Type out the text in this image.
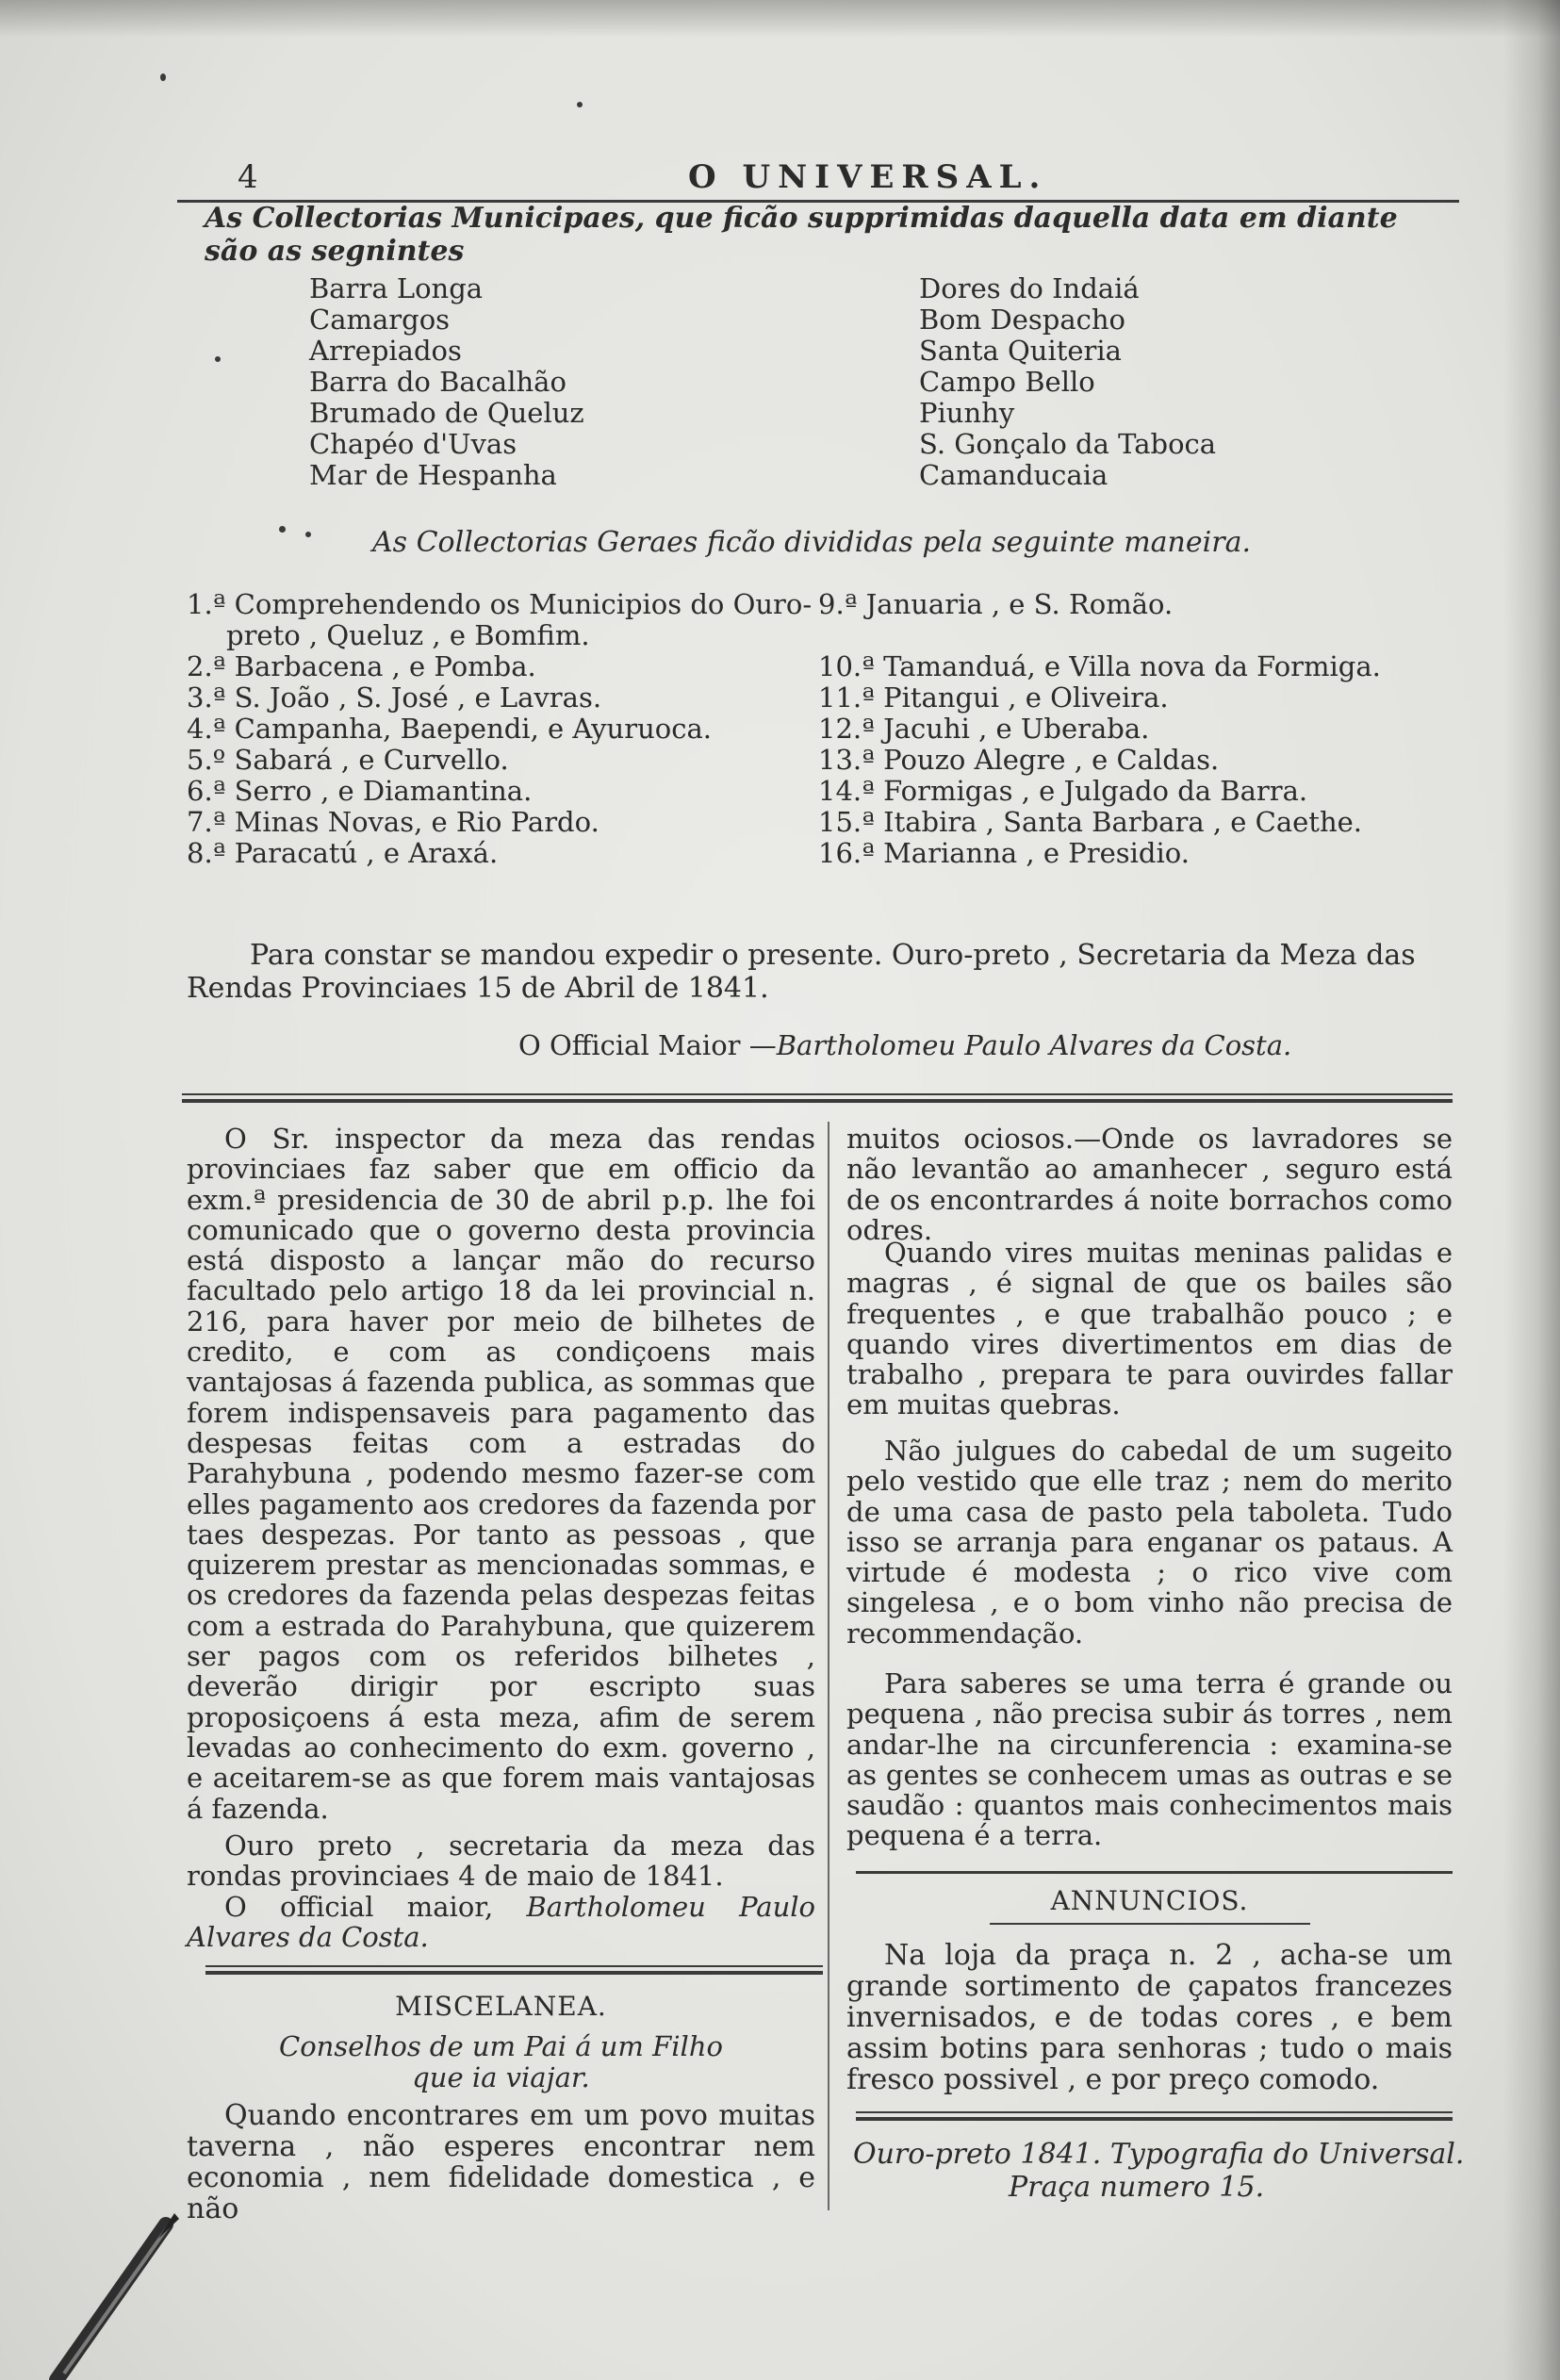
4	O UNIVERSAL.
As Collectorias Municipaes, que ficão supprimidas daquella data em diante são as segnintes
Barra Longa
Camargos
Arrepiados
Barra do Bacalhão
Brumado de Queluz
Chapéo d'Uvas
Mar de Hespanha
Dores do Indaiá
Bom Despacho
Santa Quiteria
Campo Bello
Piunhy
S. Gonçalo da Taboca
Camanducaia
As Collectorias Geraes ficão divididas pela seguinte maneira.
1.ª Comprehendendo os Municipios do Ouro-
preto , Queluz , e Bomfim.
2.ª Barbacena , e Pomba.
3.ª S. João , S. José , e Lavras.
4.ª Campanha, Baependi, e Ayuruoca.
5.º Sabará , e Curvello.
6.ª Serro , e Diamantina.
7.ª Minas Novas, e Rio Pardo.
8.ª Paracatú , e Araxá.
9.ª Januaria , e S. Romão.
10.ª Tamanduá, e Villa nova da Formiga.
11.ª Pitangui , e Oliveira.
12.ª Jacuhi , e Uberaba.
13.ª Pouzo Alegre , e Caldas.
14.ª Formigas , e Julgado da Barra.
15.ª Itabira , Santa Barbara , e Caethe.
16.ª Marianna , e Presidio.
Para constar se mandou expedir o presente. Ouro-preto , Secretaria da Meza das
Rendas Provinciaes 15 de Abril de 1841.
O Official Maior —Bartholomeu Paulo Alvares da Costa.
O Sr. inspector da meza das rendas provinciaes faz saber que em officio da exm.ª presidencia de 30 de abril p.p. lhe foi comunicado que o governo desta provincia está disposto a lançar mão do recurso facultado pelo artigo 18 da lei provincial n. 216, para haver por meio de bilhetes de credito, e com as condiçoens mais vantajosas á fazenda publica, as sommas que forem indispensaveis para pagamento das despesas feitas com a estradas do Parahybuna , podendo mesmo fazer-se com elles pagamento aos credores da fazenda por taes despezas. Por tanto as pessoas , que quizerem prestar as mencionadas sommas, e os credores da fazenda pelas despezas feitas com a estrada do Parahybuna, que quizerem ser pagos com os referidos bilhetes , deverão dirigir por escripto suas proposiçoens á esta meza, afim de serem levadas ao conhecimento do exm. governo , e aceitarem-se as que forem mais vantajosas á fazenda.
Ouro preto , secretaria da meza das rondas provinciaes 4 de maio de 1841.
O official maior, Bartholomeu Paulo Alvares da Costa.
MISCELANEA.
Conselhos de um Pai á um Filho
que ia viajar.
Quando encontrares em um povo muitas taverna , não esperes encontrar nem economia , nem fidelidade domestica , e não
muitos ociosos.—Onde os lavradores se não levantão ao amanhecer , seguro está de os encontrardes á noite borrachos como odres.
Quando vires muitas meninas palidas e magras , é signal de que os bailes são frequentes , e que trabalhão pouco ; e quando vires divertimentos em dias de trabalho , prepara te para ouvirdes fallar em muitas quebras.
Não julgues do cabedal de um sugeito pelo vestido que elle traz ; nem do merito de uma casa de pasto pela taboleta. Tudo isso se arranja para enganar os pataus. A virtude é modesta ; o rico vive com singelesa , e o bom vinho não precisa de recommendação.
Para saberes se uma terra é grande ou pequena , não precisa subir ás torres , nem andar-lhe na circunferencia : examina-se as gentes se conhecem umas as outras e se saudão : quantos mais conhecimentos mais pequena é a terra.
ANNUNCIOS.
Na loja da praça n. 2 , acha-se um grande sortimento de çapatos francezes invernisados, e de todas cores , e bem assim botins para senhoras ; tudo o mais fresco possivel , e por preço comodo.
Ouro-preto 1841. Typografia do Universal.
Praça numero 15.
